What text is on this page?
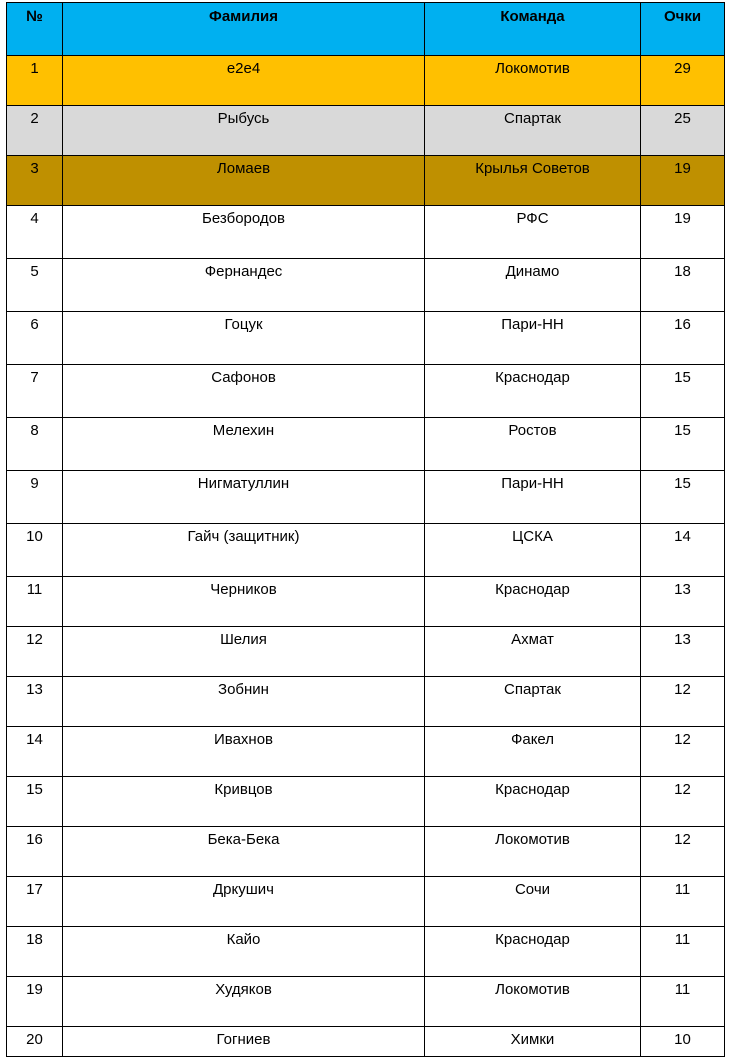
№	Фамилия	Команда	Очки
1	e2e4	Локомотив	29
2	Рыбусь	Спартак	25
3	Ломаев	Крылья Советов	19
4	Безбородов	РФС	19
5	Фернандес	Динамо	18
6	Гоцук	Пари-НН	16
7	Сафонов	Краснодар	15
8	Мелехин	Ростов	15
9	Нигматуллин	Пари-НН	15
10	Гайч (защитник)	ЦСКА	14
11	Черников	Краснодар	13
12	Шелия	Ахмат	13
13	Зобнин	Спартак	12
14	Ивахнов	Факел	12
15	Кривцов	Краснодар	12
16	Бека-Бека	Локомотив	12
17	Дркушич	Сочи	11
18	Кайо	Краснодар	11
19	Худяков	Локомотив	11
20	Гогниев	Химки	10
